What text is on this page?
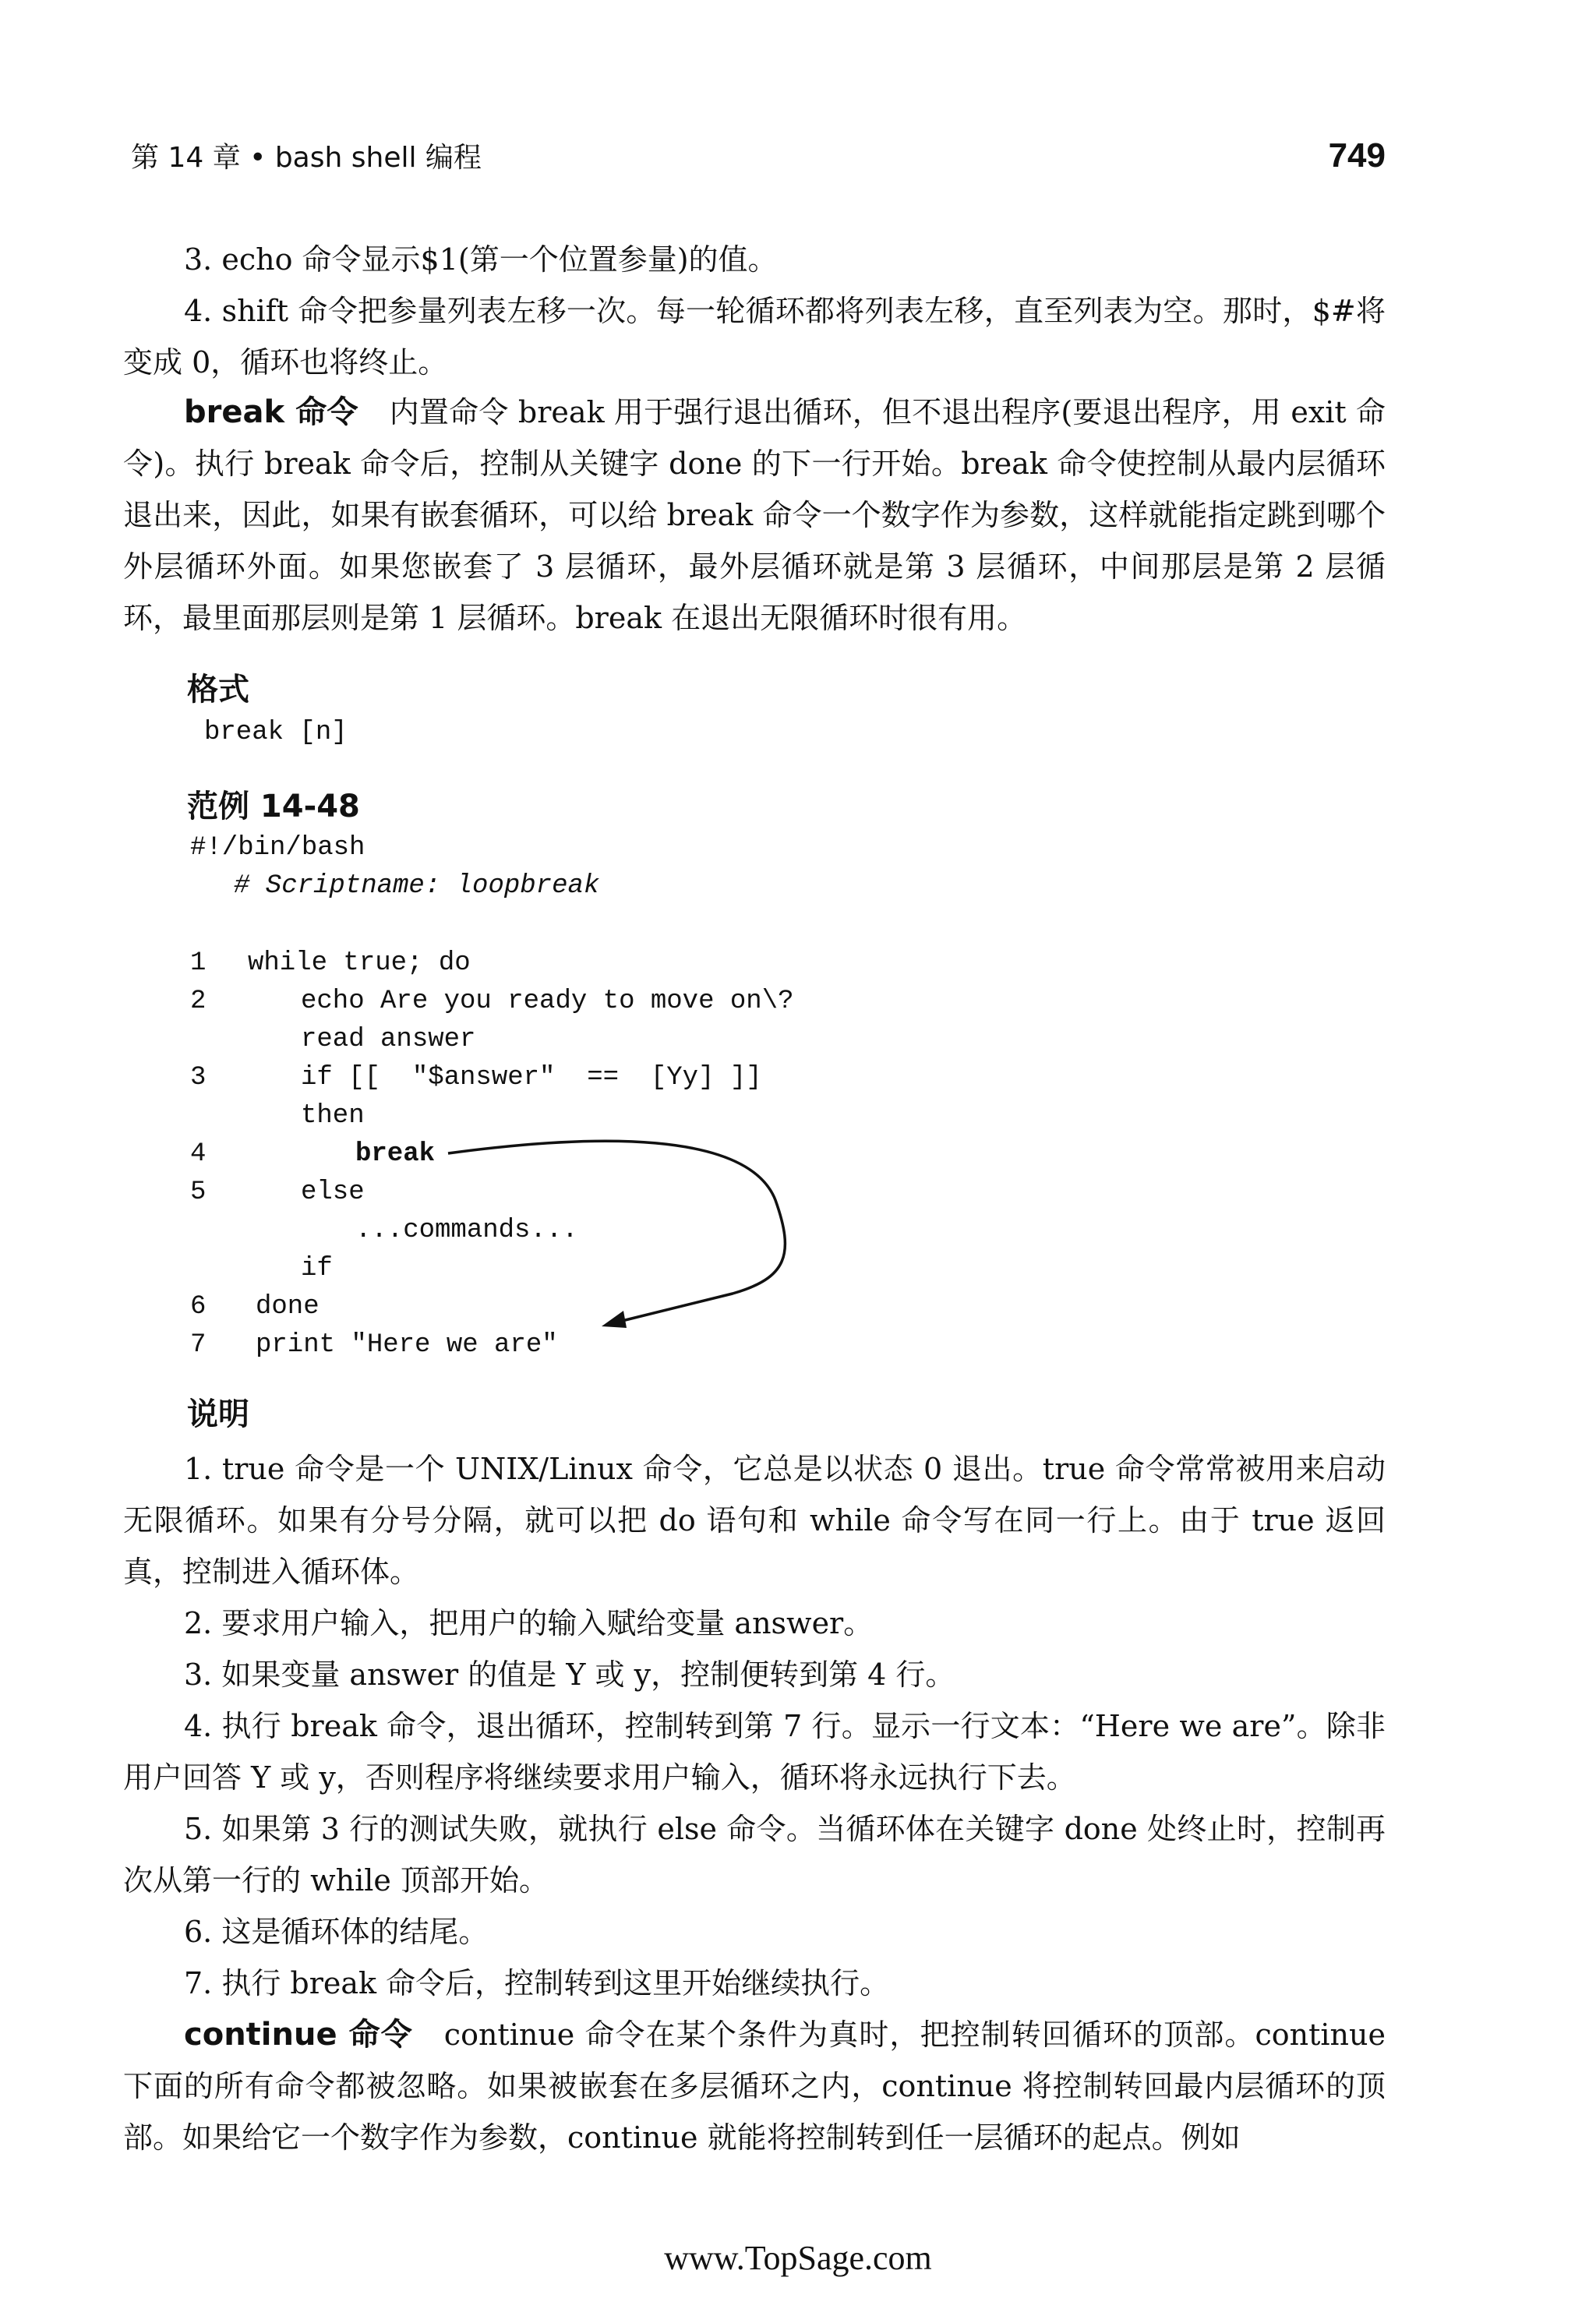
第 14 章 • bash shell 编程	749

3. echo 命令显示$1(第一个位置参量)的值。

4. shift 命令把参量列表左移一次。每一轮循环都将列表左移，直至列表为空。那时，$#将变成 0，循环也将终止。

break 命令 内置命令 break 用于强行退出循环，但不退出程序(要退出程序，用 exit 命令)。执行 break 命令后，控制从关键字 done 的下一行开始。break 命令使控制从最内层循环退出来，因此，如果有嵌套循环，可以给 break 命令一个数字作为参数，这样就能指定跳到哪个外层循环外面。如果您嵌套了 3 层循环，最外层循环就是第 3 层循环，中间那层是第 2 层循环，最里面那层则是第 1 层循环。break 在退出无限循环时很有用。

格式
break [n]
范例 14-48
#!/bin/bash
# Scriptname: loopbreak
1 while true; do
2	echo Are you ready to move on\?
read answer
3	if [[  "$answer"  ==  [Yy] ]]
then
4	break
5	else
...commands...
if
6 done
7 print "Here we are"
说明

1. true 命令是一个 UNIX/Linux 命令，它总是以状态 0 退出。true 命令常常被用来启动无限循环。如果有分号分隔，就可以把 do 语句和 while 命令写在同一行上。由于 true 返回真，控制进入循环体。

2. 要求用户输入，把用户的输入赋给变量 answer。

3. 如果变量 answer 的值是 Y 或 y，控制便转到第 4 行。

4. 执行 break 命令，退出循环，控制转到第 7 行。显示一行文本：“Here we are”。除非用户回答 Y 或 y，否则程序将继续要求用户输入，循环将永远执行下去。

5. 如果第 3 行的测试失败，就执行 else 命令。当循环体在关键字 done 处终止时，控制再次从第一行的 while 顶部开始。

6. 这是循环体的结尾。

7. 执行 break 命令后，控制转到这里开始继续执行。

continue 命令 continue 命令在某个条件为真时，把控制转回循环的顶部。continue 下面的所有命令都被忽略。如果被嵌套在多层循环之内，continue 将控制转回最内层循环的顶部。如果给它一个数字作为参数，continue 就能将控制转到任一层循环的起点。例如

www.TopSage.com
